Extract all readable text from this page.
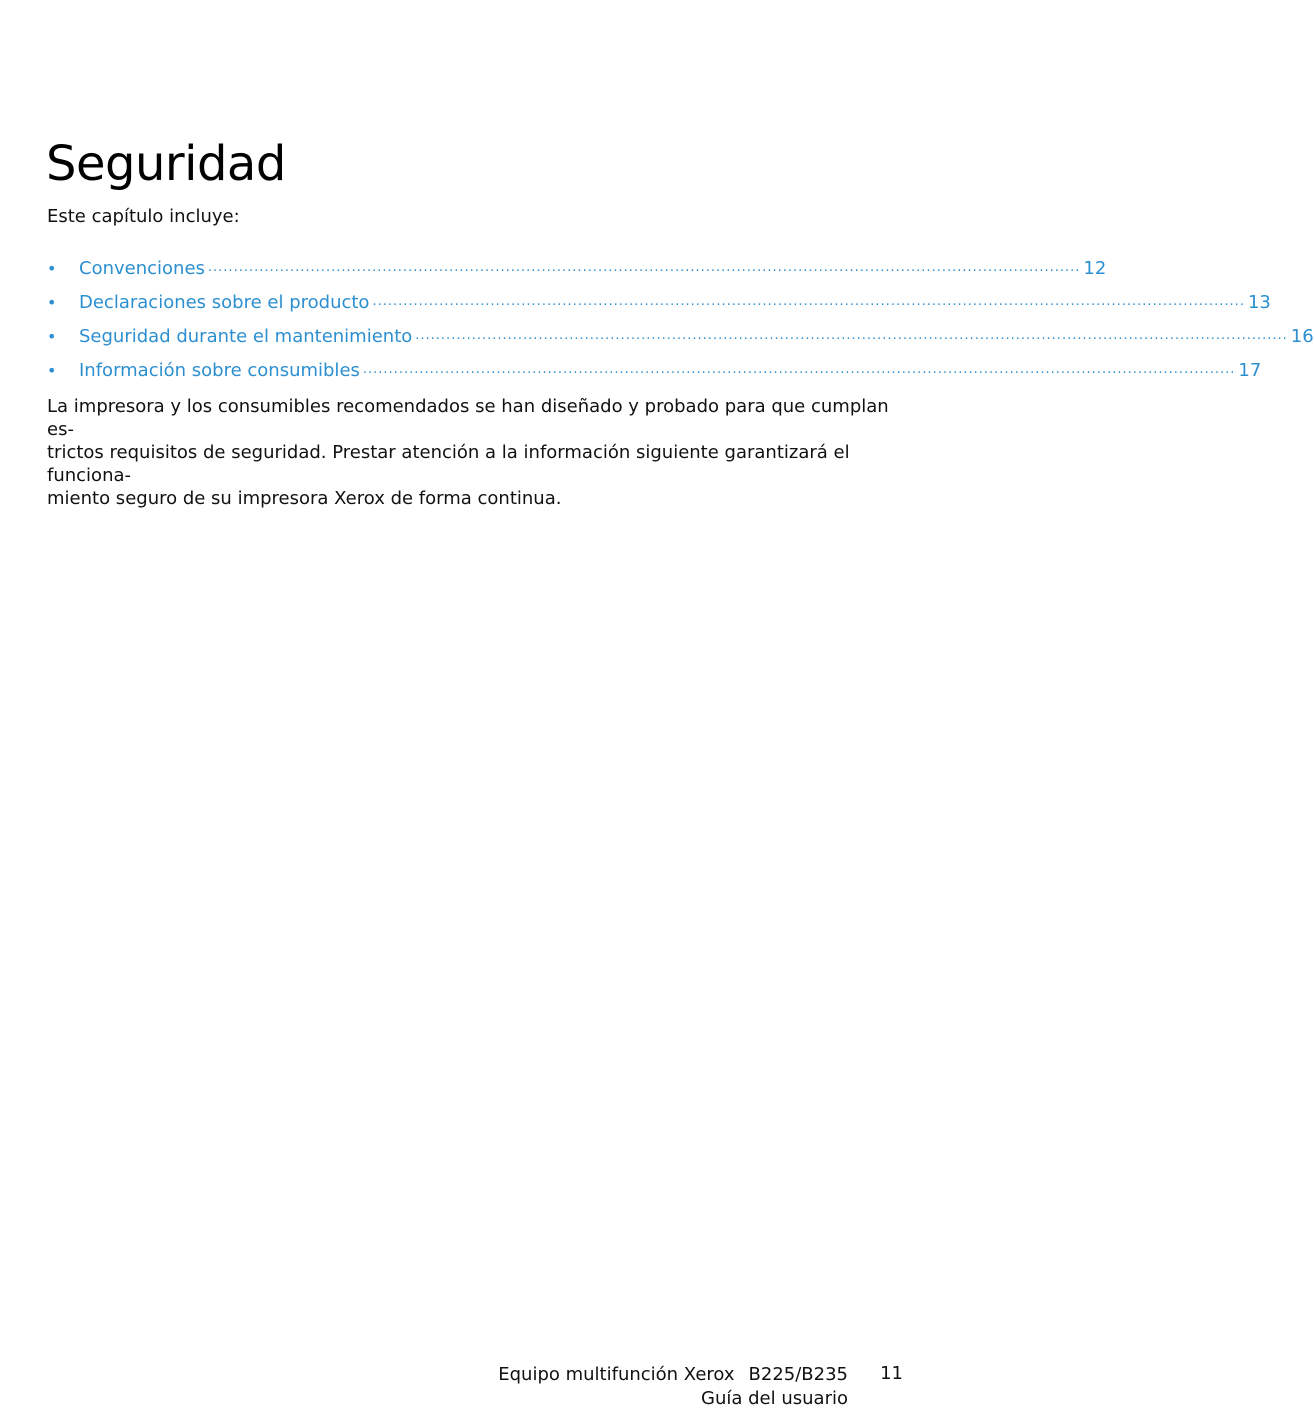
Seguridad

Este capítulo incluye:

•	Convenciones .......................................................................................................................................................................... 12
•	Declaraciones sobre el producto .......................................................................................................................................................................... 13
•	Seguridad durante el mantenimiento .......................................................................................................................................................................... 16
•	Información sobre consumibles .......................................................................................................................................................................... 17

La impresora y los consumibles recomendados se han diseñado y probado para que cumplan es-
trictos requisitos de seguridad. Prestar atención a la información siguiente garantizará el funciona-
miento seguro de su impresora Xerox de forma continua.

Equipo multifunción Xerox B225/B235
Guía del usuario
11
